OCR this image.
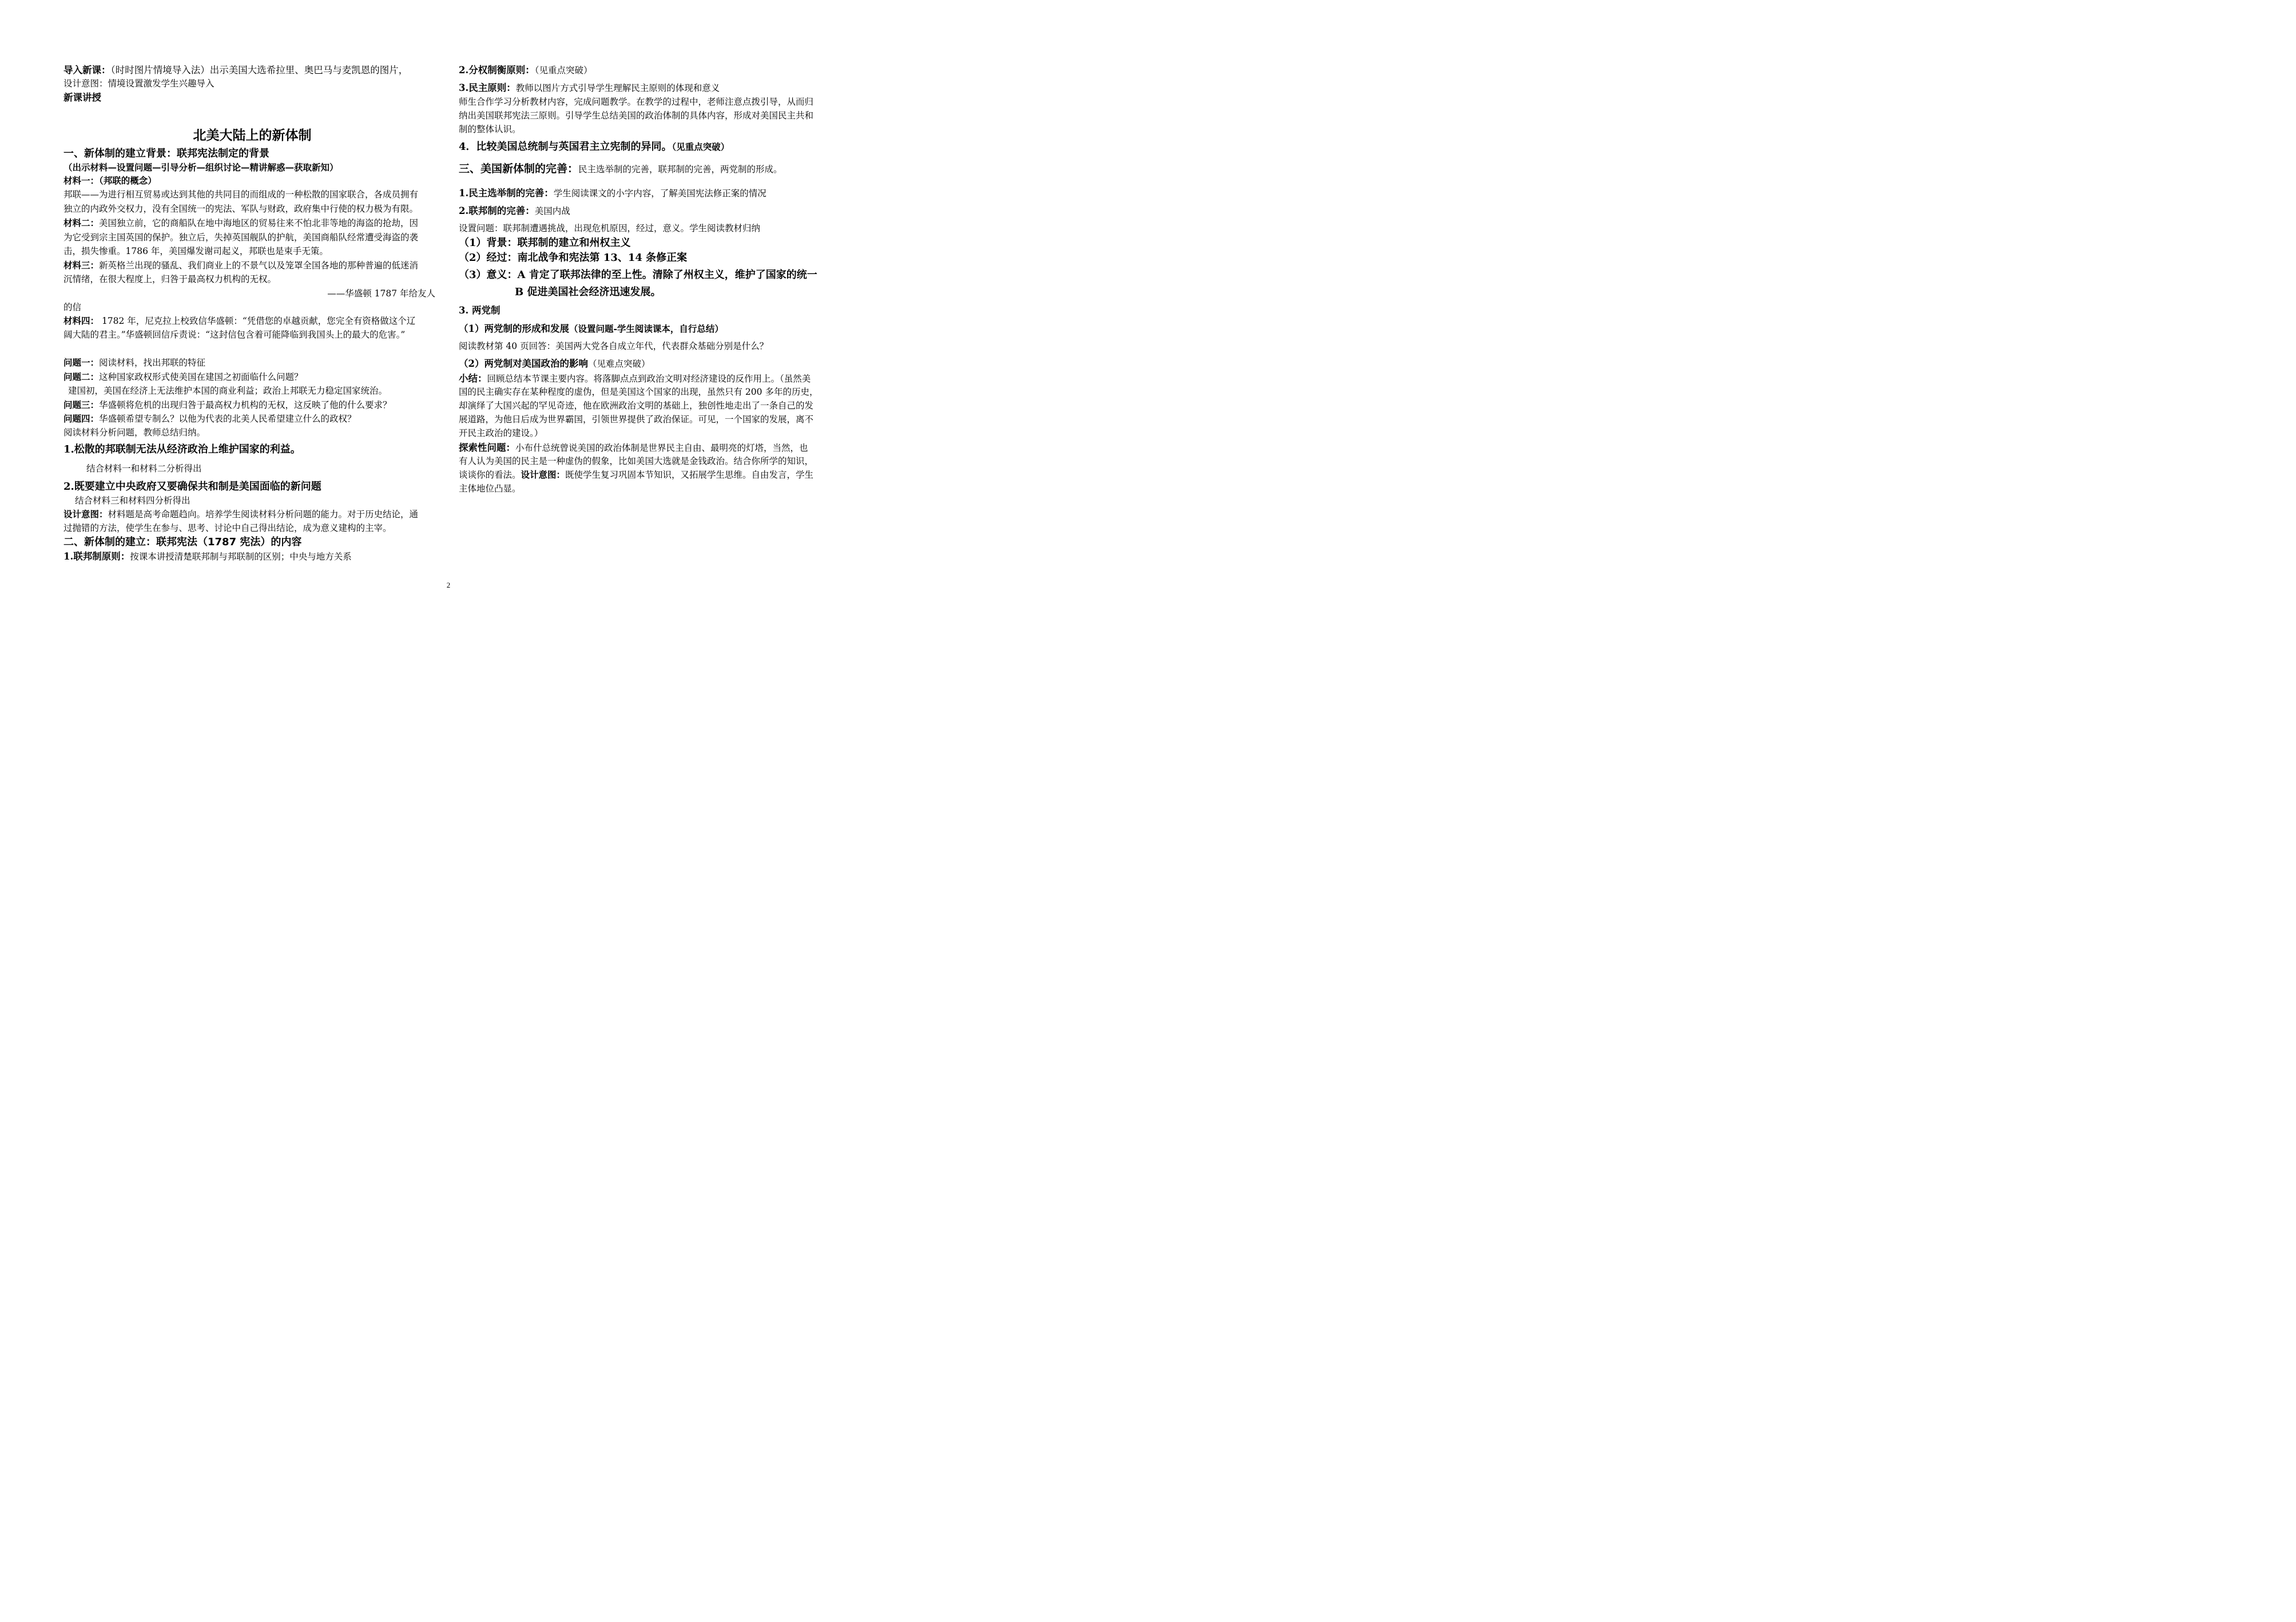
导入新课：（时时图片情境导入法）出示美国大选希拉里、奥巴马与麦凯恩的图片，
设计意图：情境设置激发学生兴趣导入
新课讲授
北美大陆上的新体制
一、新体制的建立背景：联邦宪法制定的背景
（出示材料—设置问题—引导分析—组织讨论—精讲解惑—获取新知）
材料一：（邦联的概念）
邦联——为进行相互贸易或达到其他的共同目的而组成的一种松散的国家联合，各成员拥有
独立的内政外交权力，没有全国统一的宪法、军队与财政，政府集中行使的权力极为有限。
材料二：美国独立前，它的商船队在地中海地区的贸易往来不怕北非等地的海盗的抢劫，因
为它受到宗主国英国的保护。独立后，失掉英国舰队的护航，美国商船队经常遭受海盗的袭
击，损失惨重。1786 年，美国爆发谢司起义，邦联也是束手无策。
材料三：新英格兰出现的骚乱、我们商业上的不景气以及笼罩全国各地的那种普遍的低迷消
沉情绪，在很大程度上，归咎于最高权力机构的无权。
——华盛顿 1787 年给友人
的信
材料四： 1782 年，尼克拉上校致信华盛顿：“凭借您的卓越贡献，您完全有资格做这个辽
阔大陆的君主。”华盛顿回信斥责说：“这封信包含着可能降临到我国头上的最大的危害。”
问题一：阅读材料，找出邦联的特征
问题二：这种国家政权形式使美国在建国之初面临什么问题？
建国初，美国在经济上无法维护本国的商业利益；政治上邦联无力稳定国家统治。
问题三：华盛顿将危机的出现归咎于最高权力机构的无权，这反映了他的什么要求？
问题四：华盛顿希望专制么？以他为代表的北美人民希望建立什么的政权？
阅读材料分析问题，教师总结归纳。
1.松散的邦联制无法从经济政治上维护国家的利益。
结合材料一和材料二分析得出
2.既要建立中央政府又要确保共和制是美国面临的新问题
结合材料三和材料四分析得出
设计意图：材料题是高考命题趋向。培养学生阅读材料分析问题的能力。对于历史结论，通
过抛错的方法，使学生在参与、思考、讨论中自己得出结论，成为意义建构的主宰。
二、新体制的建立：联邦宪法（1787 宪法）的内容
1.联邦制原则：按课本讲授清楚联邦制与邦联制的区别；中央与地方关系
2.分权制衡原则：（见重点突破）
3.民主原则：教师以图片方式引导学生理解民主原则的体现和意义
师生合作学习分析教材内容，完成问题教学。在教学的过程中，老师注意点拨引导，从而归
纳出美国联邦宪法三原则。引导学生总结美国的政治体制的具体内容，形成对美国民主共和
制的整体认识。
4．比较美国总统制与英国君主立宪制的异同。（见重点突破）
三、美国新体制的完善：民主选举制的完善，联邦制的完善，两党制的形成。
1.民主选举制的完善：学生阅读课文的小字内容，了解美国宪法修正案的情况
2.联邦制的完善：美国内战
设置问题：联邦制遭遇挑战，出现危机原因，经过，意义。学生阅读教材归纳
（1）背景：联邦制的建立和州权主义
（2）经过：南北战争和宪法第 13、14 条修正案
（3）意义：A 肯定了联邦法律的至上性。清除了州权主义，维护了国家的统一
B 促进美国社会经济迅速发展。
3. 两党制
（1）两党制的形成和发展（设置问题-学生阅读课本，自行总结）
阅读教材第 40 页回答：美国两大党各自成立年代，代表群众基础分别是什么？
（2）两党制对美国政治的影响（见难点突破）
小结：回顾总结本节课主要内容。将落脚点点到政治文明对经济建设的反作用上。（虽然美
国的民主确实存在某种程度的虚伪，但是美国这个国家的出现，虽然只有 200 多年的历史，
却演绎了大国兴起的罕见奇迹，他在欧洲政治文明的基础上，独创性地走出了一条自己的发
展道路，为他日后成为世界霸国，引领世界提供了政治保证。可见，一个国家的发展，离不
开民主政治的建设。）
探索性问题：小布什总统曾说美国的政治体制是世界民主自由、最明亮的灯塔，当然，也
有人认为美国的民主是一种虚伪的假象，比如美国大选就是金钱政治。结合你所学的知识，
谈谈你的看法。设计意图：既使学生复习巩固本节知识，又拓展学生思维。自由发言，学生
主体地位凸显。
2
